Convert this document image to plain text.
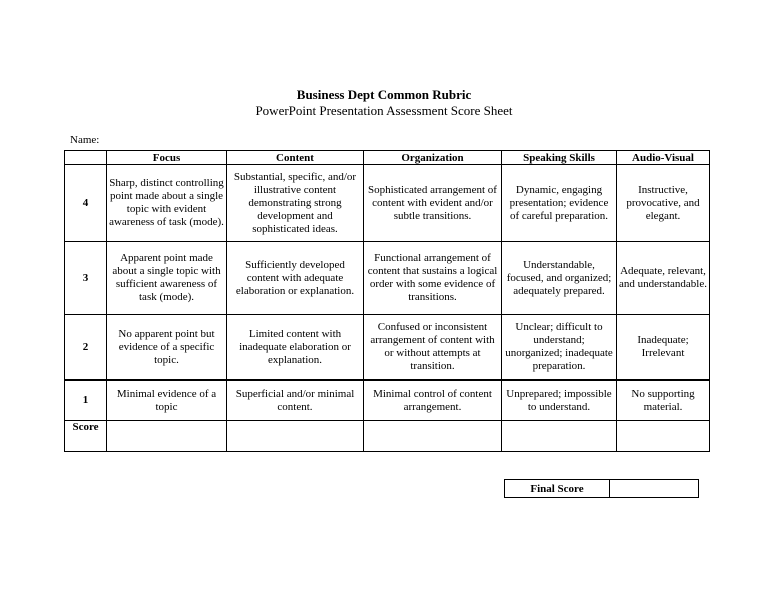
Business Dept Common Rubric
PowerPoint Presentation Assessment Score Sheet
Name:
	Focus	Content	Organization	Speaking Skills	Audio-Visual
4	Sharp, distinct controlling point made about a single topic with evident awareness of task (mode).	Substantial, specific, and/or illustrative content demonstrating strong development and sophisticated ideas.	Sophisticated arrangement of content with evident and/or subtle transitions.	Dynamic, engaging presentation; evidence of careful preparation.	Instructive, provocative, and elegant.
3	Apparent point made about a single topic with sufficient awareness of task (mode).	Sufficiently developed content with adequate elaboration or explanation.	Functional arrangement of content that sustains a logical order with some evidence of transitions.	Understandable, focused, and organized; adequately prepared.	Adequate, relevant, and understandable.
2	No apparent point but evidence of a specific topic.	Limited content with inadequate elaboration or explanation.	Confused or inconsistent arrangement of content with or without attempts at transition.	Unclear; difficult to understand; unorganized; inadequate preparation.	Inadequate; Irrelevant
1	Minimal evidence of a topic	Superficial and/or minimal content.	Minimal control of content arrangement.	Unprepared; impossible to understand.	No supporting material.
Score					
Final Score	
